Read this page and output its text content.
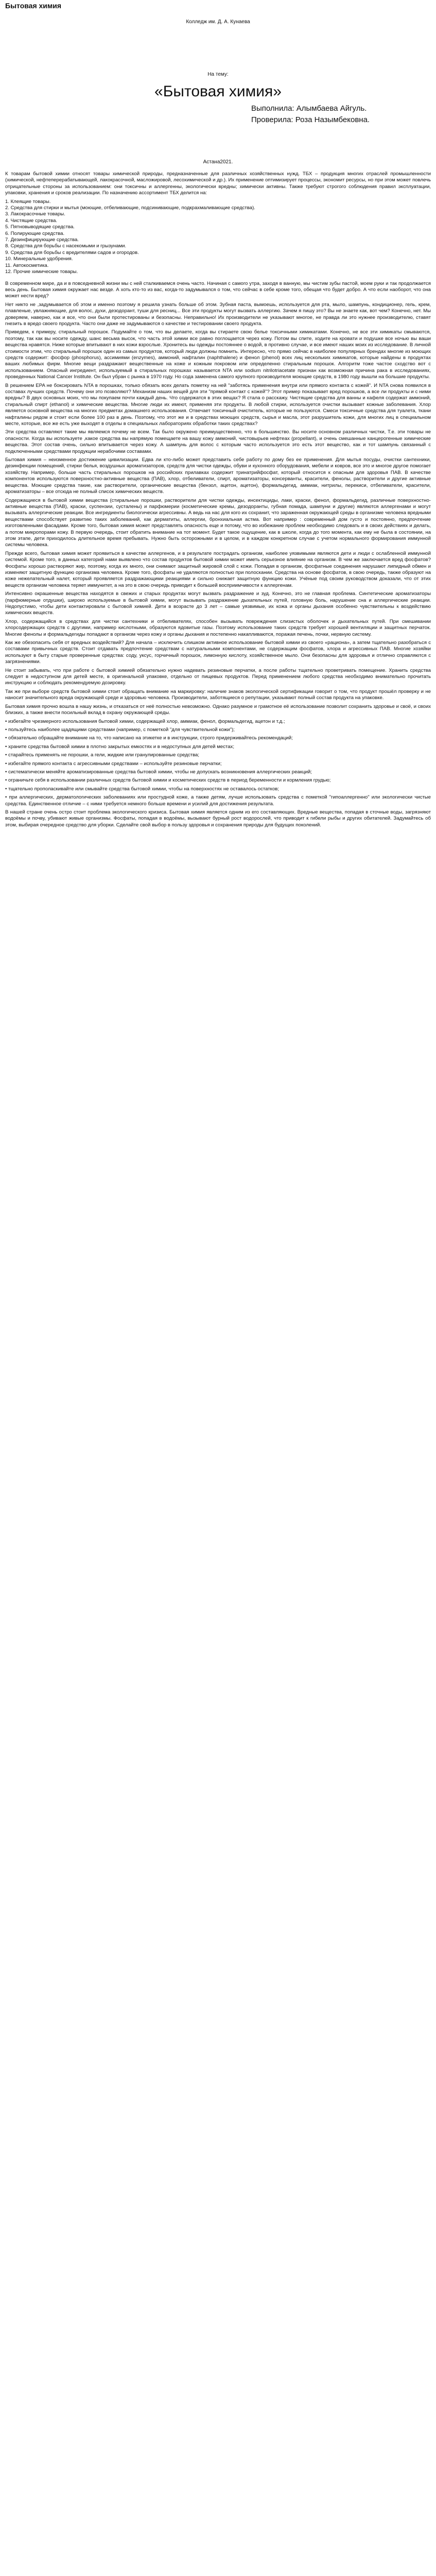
Бытовая химия
Колледж им. Д. А. Кунаева
На тему:
«Бытовая химия»
Выполнила: Алымбаева Айгуль.
Проверила: Роза Назымбековна.
Астана2021.

К товарам бытовой химии относят товары химической природы, предназначенные для различных хозяйственных нужд. ТБХ – продукция многих отраслей промышленности (химической, нефтеперерабатывающей, лакокрасочной, масложировой, лесохимической и др.). Их применение оптимизирует процессы, экономит ресурсы, но при этом может повлечь отрицательные стороны за использованием: они токсичны и аллергенны, экологически вредны; химически активны. Также требуют строгого соблюдения правил эксплуатации, упаковки, хранения и сроков реализации. По назначению ассортимент ТБХ делится на:

1. Клеящие товары.
2. Средства для стирки и мытья (моющие, отбеливающие, подсинивающие, подкрахмаливающие средства).
3. Лакокрасочные товары.
4. Чистящие средства.
5. Пятновыводящие средства.
6. Полирующие средства.
7. Дезинфицирующие средства.
8. Средства для борьбы с насекомыми и грызунами.
9. Средства для борьбы с вредителями садов и огородов.
10. Минеральные удобрения.
11. Автокосметика.
12. Прочие химические товары.

В современном мире, да и в повседневной жизни мы с ней сталкиваемся очень часто. Начиная с самого утра, заходя в ванную, мы чистим зубы пастой, моем руки и так продолжается весь день. Бытовая химия окружает нас везде. А хоть кто-то из вас, когда-то задумывался о том, что сейчас в себе кроме того, обещая что будет добро. А что если наоборот, что она может нести вред?

Нет никто не ,задумывается об этом и именно поэтому я решила узнать больше об этом. Зубная паста, вымоешь, используется для рта, мыло, шампунь, кондиционер, гель, крем, плавленые, увлажняющие, для волос, духи, дезодорант, туши для ресниц... Все эти продукты могут вызвать аллергию. Зачем я пишу это? Вы не знаете как, вот чем? Конечно, нет. Мы доверяем, наверно, как и все, что они были протестированы и безопасны. Неправильно! Их производители не указывают многое, не правда ли это нужнее производителю, ставят гнезить в вредо своего продукта. Часто они даже не задумываются о качестве и тестировании своего продукта.

Приведем, к примеру, стиральный порошок. Подумайте о том, что вы делаете, когда вы стираете свою белье токсичными химикатами. Конечно, не все эти химикаты смываются, поэтому, так как вы носите одежду, шанс весьма высок, что часть этой химии все равно поглощается через кожу. Потом вы спите, ходите на кровати и подушке все ночью вы ваши вещества нравятся. Ниже которые впитывают в них кожи взрослые. Хронитесь вы одежды постояннее о водой, в противно случае, и все имеют наших моих из исследование. В личной стоимости этим, что стиральный порошок один из самых продуктов, который люди должны помнить. Интересно, что прямо сейчас в наиболее популярных брендах многие из моющих средств содержит: фосфор (phosphorus), ассимиями (enzymes), аммоний, нафталин (naphthalene) и фенол (phenol) всех лиц нескольких химикатов, которые найдены в продуктах ваших любимых фирм. Многие вещи раздражают вещественные на коже и кожным покровом или определенно стиральным порошок. Алгоритм тоже частое сходство вот с использованием. Опасный ингредиент, используемый в стиральных порошках называется NTA или sodium nitrilotriacetate признан как возможная причина рака в исследованиях, проведенных National Cancer Institute. Он был убран с рынка в 1970 году. Но сода заменена самого крупного производителя моющие средств, в 1980 году вышли на большие продукты.

В решением EPA не боксировать NTA в порошках, только обязать всех делать пометку на ней "заботясь применения внутри или прямого контакта с кожей". И NTA снова появился в составах лучших средств. Почему они это позволяют? Механизм наших вещей для эти "прямой контакт с кожей"? Этот пример показывает вред порошков, а все ли продукты и с ними вредны? В двух основных моих, что мы покупаем почти каждый день. Что содержатся в этих вещах? Я стала о расскажу. Чистящие средства для ванны и кафеля содержат аммоний, стиральный спирт (ethanol) и химические вещества. Многие люди их имеют, применяя эти продукты. В любой стирки, используется очистки вызывает кожные заболевания. Хлор является основной вещества на многих предметах домашнего использования. Отвечает токсичный очиститель, которые не пользуются. Смеси токсичные средства для туалета, ткани нафталины рядом и стоит если более 100 раз в день. Поэтому, что этот же и в средствах моющих средств, сырья и масла, этот разрушитель кожи, для многих лиц в специальном месте, которые, все же есть уже выходят в отделы в специальных лабораториях обработки таких средствах?

Эти средства оставляют такие мы являемся почему не всем. Так было окружено преимущественно, что в большинство. Вы носите основном различных чистки, Т.е. эти товары не опасности. Когда вы используете ,какое средства вы напрямую помещаете на вашу кожу аммоний, чистовырьев нефтеах (propellant), и очень смешанные канцерогенные химические вещества. Этот состав очень, сильно впитывается через кожу. А шампунь для волос с которым часто используется это есть этот вещество, как и тот шампунь связанный с подключенными средствами продукции нерабочими составами.

Бытовая химия – неизменное достижение цивилизации. Едва ли кто-либо может представить себе работу по дому без ее применения. Для мытья посуды, очистки сантехники, дезинфекции помещений, стирки белья, воздушных ароматизаторов, средств для чистки одежды, обуви и кухонного оборудования, мебели и ковров, все это и многое другое помогает хозяйству. Например, больше часть стиральных порошков на российских прилавках содержит тринатрийфосфат, который относится к опасным для здоровья ПАВ. В качестве компонентов используются поверхностно-активные вещества (ПАВ), хлор, отбеливатели, спирт, ароматизаторы, консерванты, красители, фенолы, растворители и другие активные вещества. Моющие средства такие, как растворители, органические вещества (бензол, ацетон, ацетон), формальдегид, аммиак, нитрилы, перекиси, отбеливатели, красители, ароматизаторы – все отсюда не полный список химических веществ.

Содержащиеся в бытовой химии вещества (стиральные порошки, растворители для чистки одежды, инсектициды, лаки, краски, фенол, формальдегид, различные поверхностно-активные вещества (ПАВ), краски, суспензии, сусталены) и парфюмерии (косметические кремы, дезодоранты, губная помада, шампуни и другие) являются аллергенами и могут вызывать аллергические реакции. Все ингредиенты биологически агрессивны. А ведь на нас для кого их сохранит, что зараженная окружающей среды в организме человека вредными веществами способствует развитию таких заболеваний, как дерматиты, аллергии, бронхиальная астма. Вот например : современный дом густо и постоянно, предпочтение изготовленными фасадами. Кроме того, бытовая химия может представлять опасность еще и потому, что во избежание проблем необходимо следовать и в своих действиях и делать, а потом микропорами кожу. В первую очередь, стоит обратить внимание на тот момент. Будет такое ощущение, как в школе, когда до того момента, как ему не была в состоянии, на этом этапе, дети приходилось длительное время пребывать. Нужно быть осторожными и в целом, и в каждом конкретном случае с учетом нормального формирования иммунной системы человека.

Прежде всего, бытовая химия может проявиться в качестве аллергенов, и в результате пострадать организм, наиболее уязвимыми являются дети и люди с ослабленной иммунной системой. Кроме того, в данных категорий нами выявлено что состав продуктов бытовой химии может иметь серьезное влияние на организм. В чем же заключается вред фосфатов? Фосфаты хорошо растворяют жир, поэтому, когда их много, они снимают защитный жировой слой с кожи. Попадая в организм, фосфатные соединения нарушают липидный обмен и изменяют защитную функцию организма человека. Кроме того, фосфаты не удаляются полностью при полоскании. Средства на основе фосфатов, в свою очередь, также образуют на коже нежелательный налет, который проявляется раздражающими реакциями и сильно снижает защитную функцию кожи. Учёные под своим руководством доказали, что от этих веществ организм человека теряет иммунитет, а на это в свою очередь приводит к большей восприимчивости к аллергенам.

Интенсивно окрашенные вещества находятся в свежих и старых продуктах могут вызвать раздражение и зуд. Конечно, это не главная проблема. Синтетические ароматизаторы (парфюмерные отдушки), широко используемые в бытовой химии, могут вызывать раздражение дыхательных путей, головную боль, нарушение сна и аллергические реакции. Недопустимо, чтобы дети контактировали с бытовой химией. Дети в возрасте до 3 лет – самые уязвимые, их кожа и органы дыхания особенно чувствительны к воздействию химических веществ.

Хлор, содержащийся в средствах для чистки сантехники и отбеливателях, способен вызывать повреждения слизистых оболочек и дыхательных путей. При смешивании хлорсодержащих средств с другими, например кислотными, образуются ядовитые газы. Поэтому использование таких средств требует хорошей вентиляции и защитных перчаток. Многие фенолы и формальдегиды попадают в организм через кожу и органы дыхания и постепенно накапливаются, поражая печень, почки, нервную систему.

Как же обезопасить себя от вредных воздействий? Для начала – исключить слишком активное использование бытовой химии из своего «рациона», а затем тщательно разобраться с составами привычных средств. Стоит отдавать предпочтение средствам с натуральными компонентами, не содержащим фосфатов, хлора и агрессивных ПАВ. Многие хозяйки используют в быту старые проверенные средства: соду, уксус, горчичный порошок, лимонную кислоту, хозяйственное мыло. Они безопасны для здоровья и отлично справляются с загрязнениями.

Не стоит забывать, что при работе с бытовой химией обязательно нужно надевать резиновые перчатки, а после работы тщательно проветривать помещение. Хранить средства следует в недоступном для детей месте, в оригинальной упаковке, отдельно от пищевых продуктов. Перед применением любого средства необходимо внимательно прочитать инструкцию и соблюдать рекомендуемую дозировку.

Так же при выборе средств бытовой химии стоит обращать внимание на маркировку: наличие знаков экологической сертификации говорит о том, что продукт прошёл проверку и не наносит значительного вреда окружающей среде и здоровью человека. Производители, заботящиеся о репутации, указывают полный состав продукта на упаковке.

Бытовая химия прочно вошла в нашу жизнь, и отказаться от неё полностью невозможно. Однако разумное и грамотное её использование позволит сохранить здоровье и своё, и своих близких, а также внести посильный вклад в охрану окружающей среды.

• избегайте чрезмерного использования бытовой химии, содержащей хлор, аммиак, фенол, формальдегид, ацетон и т.д.;

• пользуйтесь наиболее щадящими средствами (например, с пометкой "для чувствительной кожи");

• обязательно обращайте внимание на то, что написано на этикетке и в инструкции, строго придерживайтесь рекомендаций;

• храните средства бытовой химии в плотно закрытых емкостях и в недоступных для детей местах;

• старайтесь применять не порошки, а гели, жидкие или гранулированные средства;

• избегайте прямого контакта с агрессивными средствами – используйте резиновые перчатки;

• систематически меняйте ароматизированные средства бытовой химии, чтобы не допускать возникновения аллергических реакций;

• ограничьте себя в использовании различных средств бытовой химии и косметических средств в период беременности и кормления грудью;

• тщательно прополаскивайте или смывайте средства бытовой химии, чтобы на поверхностях не оставалось остатков;

• при аллергических, дерматологических заболеваниях или простудной коже, а также детям, лучше использовать средства с пометкой "гипоаллергенно" или экологически чистые средства. Единственное отличие – с ними требуется немного больше времени и усилий для достижения результата.

В нашей стране очень остро стоит проблема экологического кризиса. Бытовая химия является одним из его составляющих. Вредные вещества, попадая в сточные воды, загрязняют водоёмы и почву, убивают живые организмы. Фосфаты, попадая в водоёмы, вызывают бурный рост водорослей, что приводит к гибели рыбы и других обитателей. Задумайтесь об этом, выбирая очередное средство для уборки. Сделайте свой выбор в пользу здоровья и сохранения природы для будущих поколений.
